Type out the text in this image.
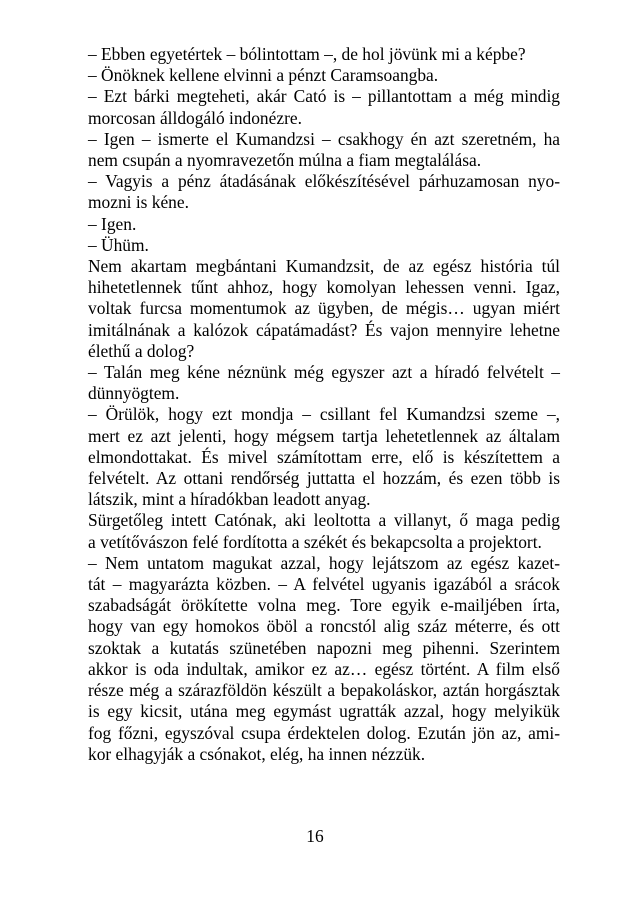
– Ebben egyetértek – bólintottam –, de hol jövünk mi a képbe?
– Önöknek kellene elvinni a pénzt Caramsoangba.
– Ezt bárki megteheti, akár Cató is – pillantottam a még mindig
morcosan álldogáló indonézre.
– Igen – ismerte el Kumandzsi – csakhogy én azt szeretném, ha
nem csupán a nyomravezetőn múlna a fiam megtalálása.
– Vagyis a pénz átadásának előkészítésével párhuzamosan nyo-
mozni is kéne.
– Igen.
– Ühüm.
Nem akartam megbántani Kumandzsit, de az egész história túl
hihetetlennek tűnt ahhoz, hogy komolyan lehessen venni. Igaz,
voltak furcsa momentumok az ügyben, de mégis… ugyan miért
imitálnának a kalózok cápatámadást? És vajon mennyire lehetne
élethű a dolog?
– Talán meg kéne néznünk még egyszer azt a híradó felvételt –
dünnyögtem.
– Örülök, hogy ezt mondja – csillant fel Kumandzsi szeme –,
mert ez azt jelenti, hogy mégsem tartja lehetetlennek az általam
elmondottakat. És mivel számítottam erre, elő is készítettem a
felvételt. Az ottani rendőrség juttatta el hozzám, és ezen több is
látszik, mint a híradókban leadott anyag.
Sürgetőleg intett Catónak, aki leoltotta a villanyt, ő maga pedig
a vetítővászon felé fordította a székét és bekapcsolta a projektort.
– Nem untatom magukat azzal, hogy lejátszom az egész kazet-
tát – magyarázta közben. – A felvétel ugyanis igazából a srácok
szabadságát örökítette volna meg. Tore egyik e-mailjében írta,
hogy van egy homokos öböl a roncstól alig száz méterre, és ott
szoktak a kutatás szünetében napozni meg pihenni. Szerintem
akkor is oda indultak, amikor ez az… egész történt. A film első
része még a szárazföldön készült a bepakoláskor, aztán horgásztak
is egy kicsit, utána meg egymást ugratták azzal, hogy melyikük
fog főzni, egyszóval csupa érdektelen dolog. Ezután jön az, ami-
kor elhagyják a csónakot, elég, ha innen nézzük.
16
